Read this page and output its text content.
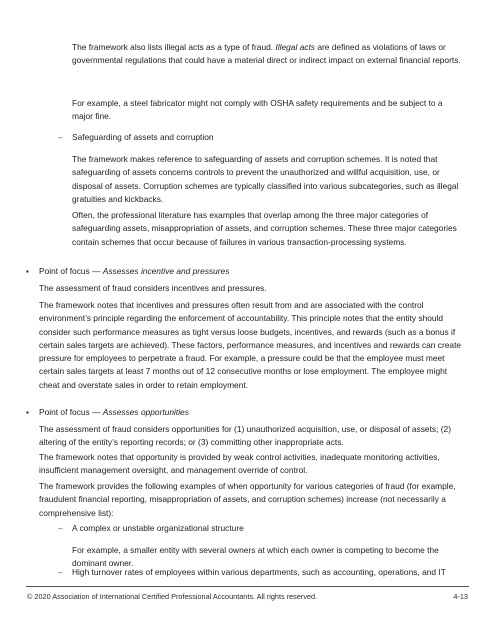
The framework also lists illegal acts as a type of fraud. Illegal acts are defined as violations of laws or governmental regulations that could have a material direct or indirect impact on external financial reports.

For example, a steel fabricator might not comply with OSHA safety requirements and be subject to a major fine.

– Safeguarding of assets and corruption

The framework makes reference to safeguarding of assets and corruption schemes. It is noted that safeguarding of assets concerns controls to prevent the unauthorized and willful acquisition, use, or disposal of assets. Corruption schemes are typically classified into various subcategories, such as illegal gratuities and kickbacks.

Often, the professional literature has examples that overlap among the three major categories of safeguarding assets, misappropriation of assets, and corruption schemes. These three major categories contain schemes that occur because of failures in various transaction-processing systems.

▪ Point of focus — Assesses incentive and pressures

The assessment of fraud considers incentives and pressures.

The framework notes that incentives and pressures often result from and are associated with the control environment’s principle regarding the enforcement of accountability. This principle notes that the entity should consider such performance measures as tight versus loose budgets, incentives, and rewards (such as a bonus if certain sales targets are achieved). These factors, performance measures, and incentives and rewards can create pressure for employees to perpetrate a fraud. For example, a pressure could be that the employee must meet certain sales targets at least 7 months out of 12 consecutive months or lose employment. The employee might cheat and overstate sales in order to retain employment.

▪ Point of focus — Assesses opportunities

The assessment of fraud considers opportunities for (1) unauthorized acquisition, use, or disposal of assets; (2) altering of the entity’s reporting records; or (3) committing other inappropriate acts.

The framework notes that opportunity is provided by weak control activities, inadequate monitoring activities, insufficient management oversight, and management override of control.

The framework provides the following examples of when opportunity for various categories of fraud (for example, fraudulent financial reporting, misappropriation of assets, and corruption schemes) increase (not necessarily a comprehensive list):

– A complex or unstable organizational structure

For example, a smaller entity with several owners at which each owner is competing to become the dominant owner.

– High turnover rates of employees within various departments, such as accounting, operations, and IT

© 2020 Association of International Certified Professional Accountants. All rights reserved.	4-13
